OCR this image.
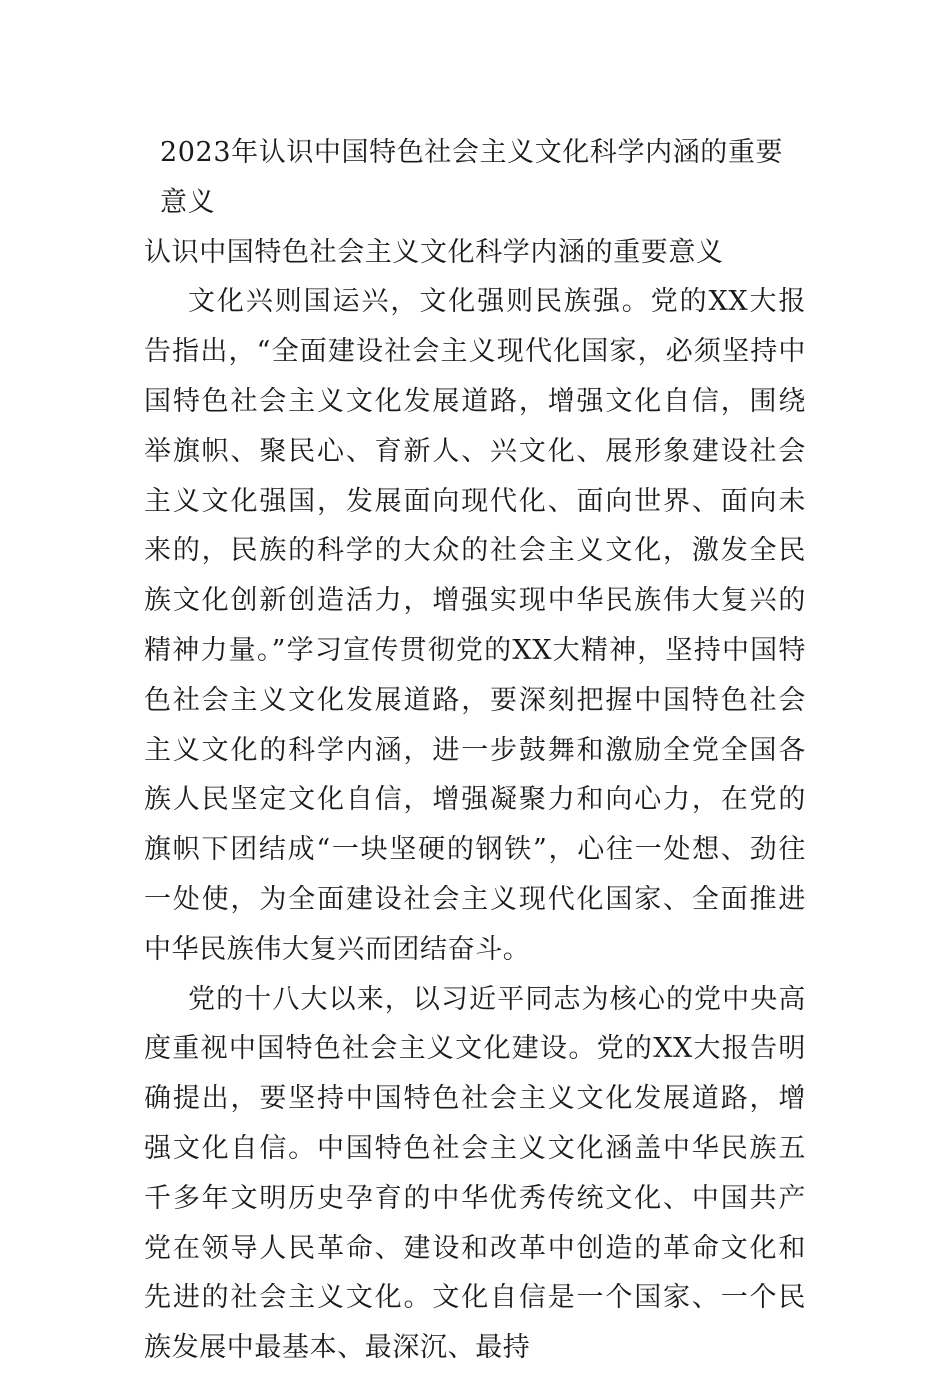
2023年认识中国特色社会主义文化科学内涵的重要意义
认识中国特色社会主义文化科学内涵的重要意义

文化兴则国运兴，文化强则民族强。党的XX大报告指出，“全面建设社会主义现代化国家，必须坚持中国特色社会主义文化发展道路，增强文化自信，围绕举旗帜、聚民心、育新人、兴文化、展形象建设社会主义文化强国，发展面向现代化、面向世界、面向未来的，民族的科学的大众的社会主义文化，激发全民族文化创新创造活力，增强实现中华民族伟大复兴的精神力量。”学习宣传贯彻党的XX大精神，坚持中国特色社会主义文化发展道路，要深刻把握中国特色社会主义文化的科学内涵，进一步鼓舞和激励全党全国各族人民坚定文化自信，增强凝聚力和向心力，在党的旗帜下团结成“一块坚硬的钢铁”，心往一处想、劲往一处使，为全面建设社会主义现代化国家、全面推进中华民族伟大复兴而团结奋斗。

党的十八大以来，以习近平同志为核心的党中央高度重视中国特色社会主义文化建设。党的XX大报告明确提出，要坚持中国特色社会主义文化发展道路，增强文化自信。中国特色社会主义文化涵盖中华民族五千多年文明历史孕育的中华优秀传统文化、中国共产党在领导人民革命、建设和改革中创造的革命文化和先进的社会主义文化。文化自信是一个国家、一个民族发展中最基本、最深沉、最持
